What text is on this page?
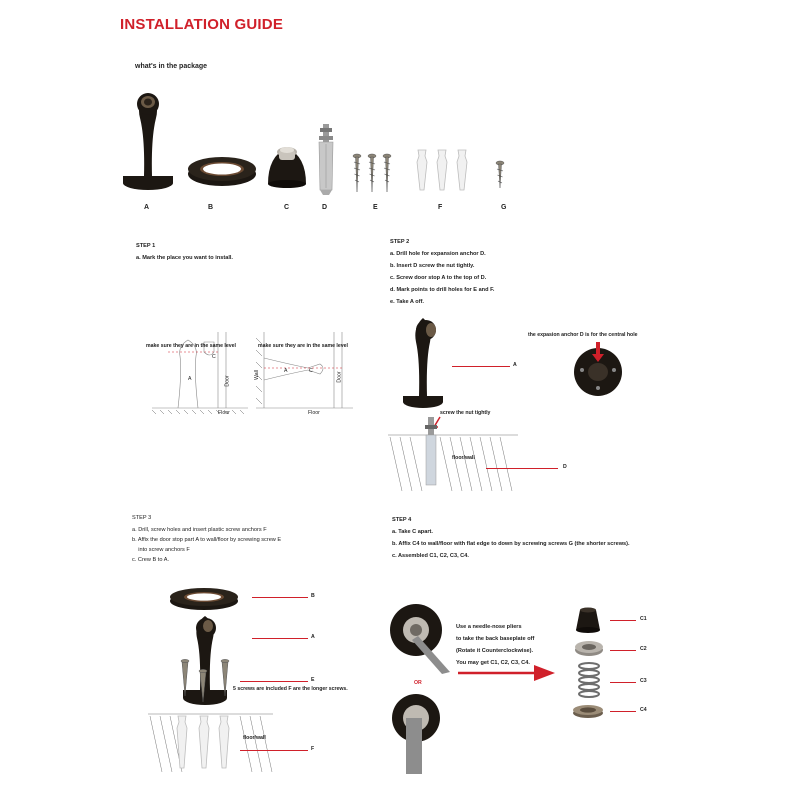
INSTALLATION GUIDE
what's in the package
A	B	C	D	E	F	G
STEP 1
a. Mark the place you want to install.
make sure they are in the same level	make sure they are in the same level
A
C
Door
Floor
Wall	A	C
Door
Floor
STEP 2
a. Drill hole for expansion anchor D.
b. Insert D screw the nut tightly.
c. Screw door stop A to the top of D.
d. Mark points to drill holes for E and F.
e. Take A off.
A
the expasion anchor D is for the central hole
screw the nut tightly
floor/wall
D
STEP 3
a. Drill, screw holes and insert plastic screw anchors F
b. Affix the door stop part A to wall/floor by screwing screw E
into screw anchors F
c. Crew B to A.
B
A
E
5 screws are included F are the longer screws.
floor/wall
F
STEP 4
a. Take C apart.
b. Affix C4 to wall/floor with flat edge to down by screwing screws G (the shorter screws).
c. Assembled C1, C2, C3, C4.
OR
Use a needle-nose pliers
to take the back baseplate off
(Rotate it Counterclockwise).
You may get C1, C2, C3, C4.
C1
C2
C3
C4
